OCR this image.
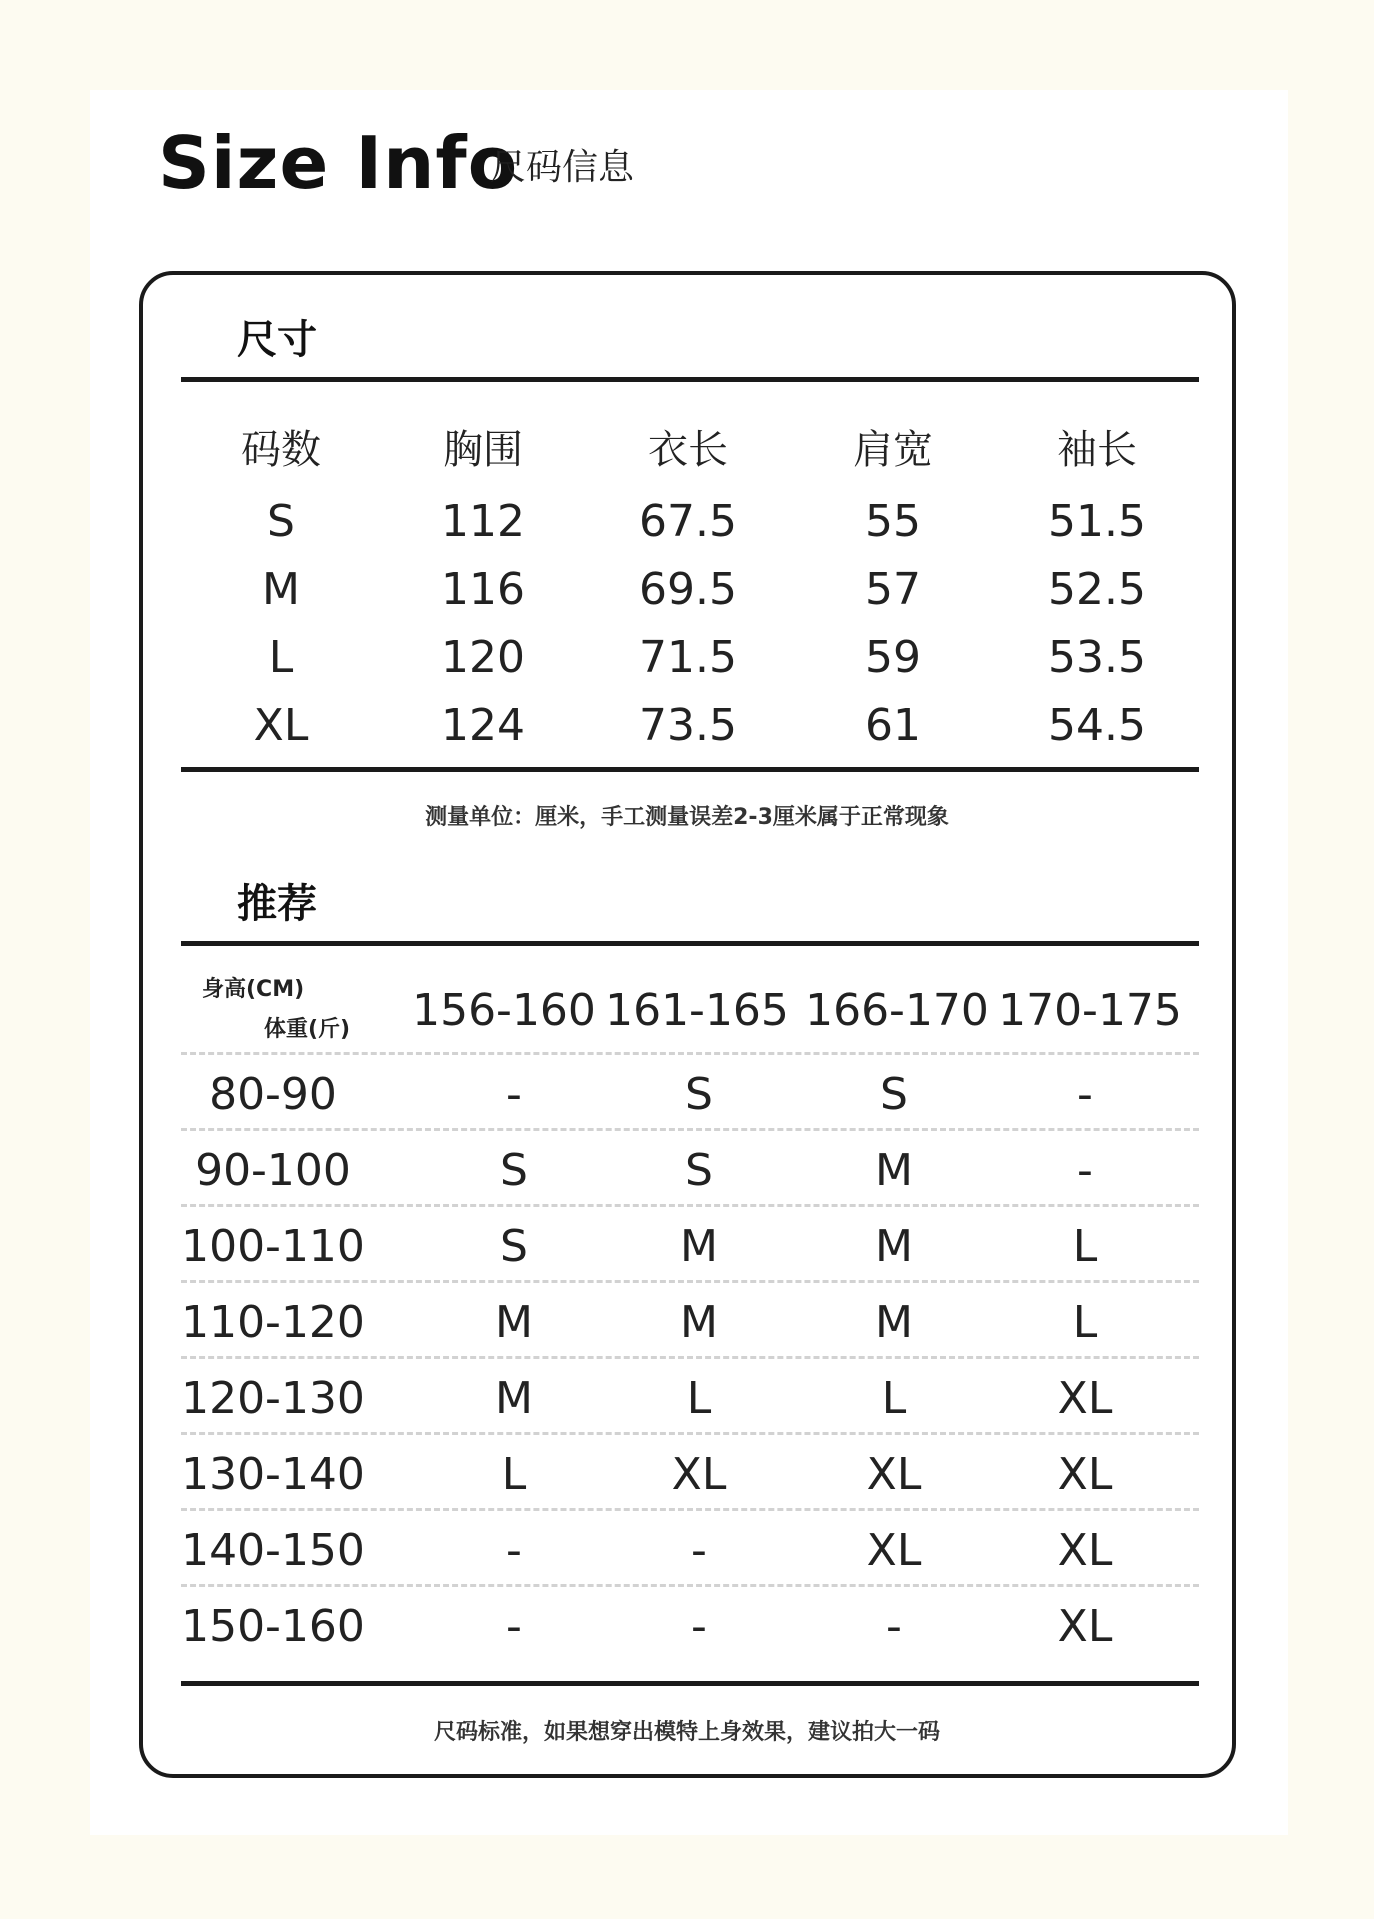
Size Info
尺码信息
尺寸
码数	胸围	衣长	肩宽	袖长
S	112	67.5	55	51.5
M	116	69.5	57	52.5
L	120	71.5	59	53.5
XL	124	73.5	61	54.5
测量单位：厘米，手工测量误差2-3厘米属于正常现象
推荐
身高(CM)
体重(斤) 156-160 161-165 166-170 170-175
80-90	-	S	S	-
90-100	S	S	M	-
100-110	S	M	M	L
110-120	M	M	M	L
120-130	M	L	L	XL
130-140	L	XL	XL	XL
140-150	-	-	XL	XL
150-160	-	-	-	XL
尺码标准，如果想穿出模特上身效果，建议拍大一码
